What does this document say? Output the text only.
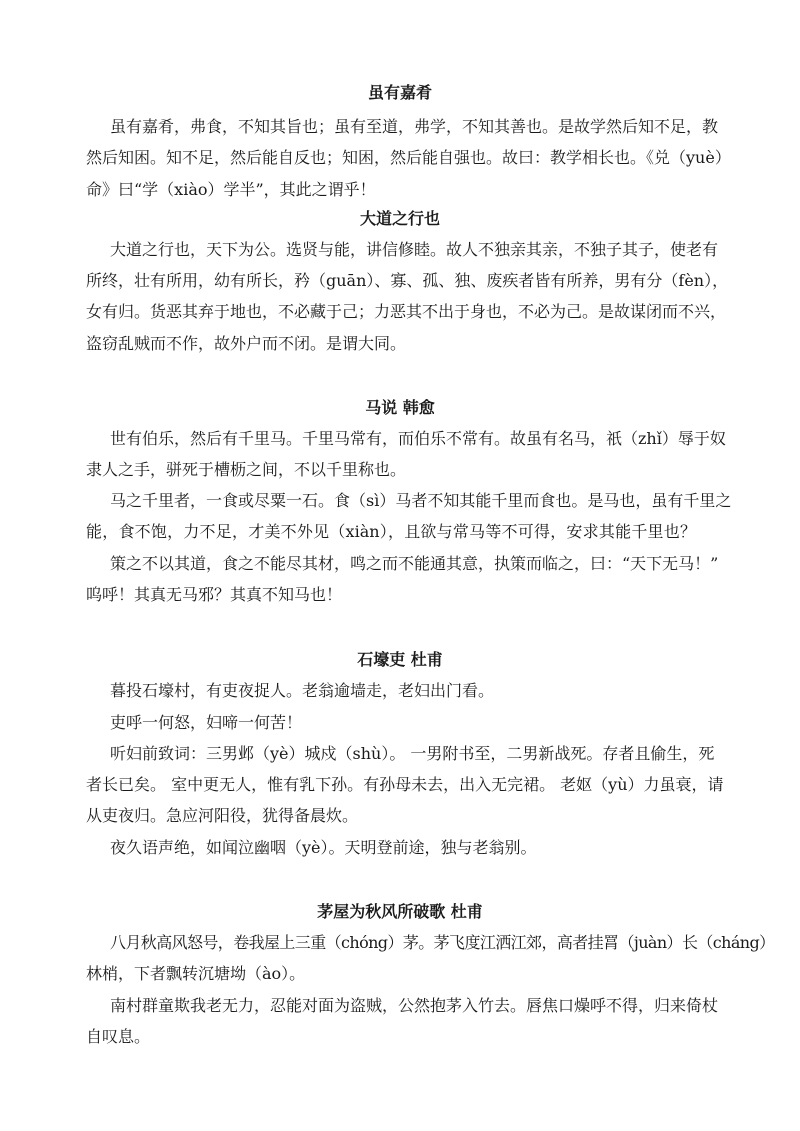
虽有嘉肴

虽有嘉肴，弗食，不知其旨也；虽有至道，弗学，不知其善也。是故学然后知不足，教

然后知困。知不足，然后能自反也；知困，然后能自强也。故曰：教学相长也。《兑（yuè）

命》曰“学（xiào）学半”，其此之谓乎！

大道之行也

大道之行也，天下为公。选贤与能，讲信修睦。故人不独亲其亲，不独子其子，使老有

所终，壮有所用，幼有所长，矜（guān）、寡、孤、独、废疾者皆有所养，男有分（fèn），

女有归。货恶其弃于地也，不必藏于己；力恶其不出于身也，不必为己。是故谋闭而不兴，

盗窃乱贼而不作，故外户而不闭。是谓大同。

马说 韩愈

世有伯乐，然后有千里马。千里马常有，而伯乐不常有。故虽有名马，祇（zhǐ）辱于奴

隶人之手，骈死于槽枥之间，不以千里称也。

马之千里者，一食或尽粟一石。食（sì）马者不知其能千里而食也。是马也，虽有千里之

能，食不饱，力不足，才美不外见（xiàn），且欲与常马等不可得，安求其能千里也？

策之不以其道，食之不能尽其材，鸣之而不能通其意，执策而临之，曰：“天下无马！”

呜呼！其真无马邪？其真不知马也！

石壕吏 杜甫

暮投石壕村，有吏夜捉人。老翁逾墙走，老妇出门看。

吏呼一何怒，妇啼一何苦！

听妇前致词：三男邺（yè）城戍（shù）。 一男附书至，二男新战死。存者且偷生，死

者长已矣。 室中更无人，惟有乳下孙。有孙母未去，出入无完裙。 老妪（yù）力虽衰，请

从吏夜归。急应河阳役，犹得备晨炊。

夜久语声绝，如闻泣幽咽（yè）。天明登前途，独与老翁别。

茅屋为秋风所破歌 杜甫

八月秋高风怒号，卷我屋上三重（chóng）茅。茅飞度江洒江郊，高者挂罥（juàn）长（cháng）

林梢，下者飘转沉塘坳（ào）。

南村群童欺我老无力，忍能对面为盗贼，公然抱茅入竹去。唇焦口燥呼不得，归来倚杖

自叹息。
